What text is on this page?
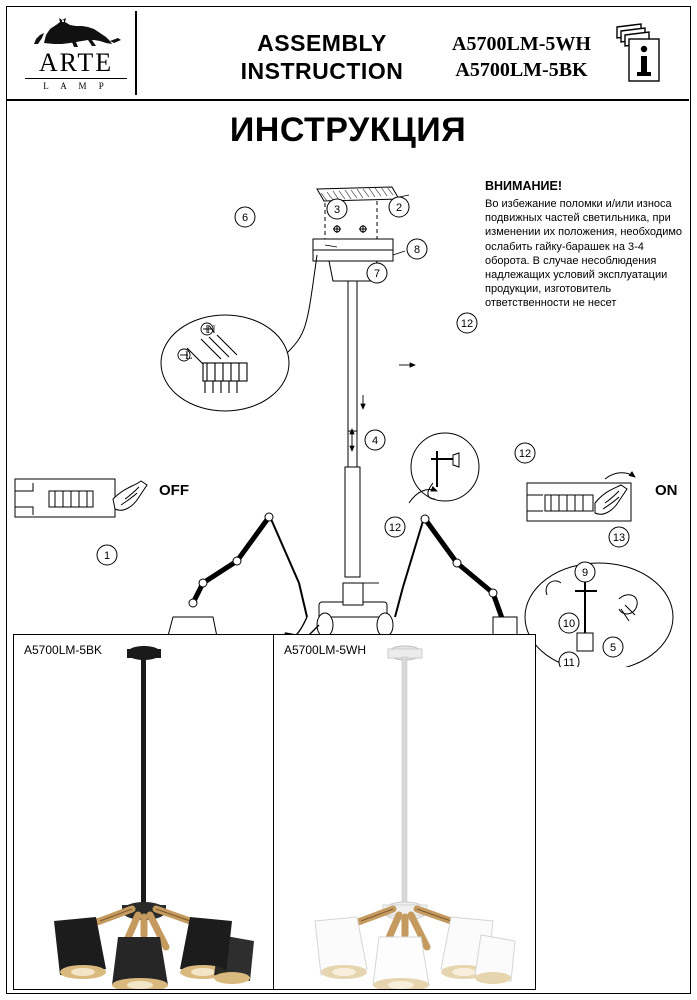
ARTE
L A M P
ASSEMBLY
INSTRUCTION
A5700LM-5WH
A5700LM-5BK
ИНСТРУКЦИЯ
ВНИМАНИЕ!
Во избежание поломки и/или износа подвижных частей светильника, при изменении их положения, необходимо ослабить гайку-барашек на 3-4 оборота. В случае несоблюдения надлежащих условий эксплуатации продукции, изготовитель ответственности не несет
N
L
OFF	ON
1
2
3
4
5
6
7
8
9
10
11
12
12
12
13
A5700LM-5BK	A5700LM-5WH
